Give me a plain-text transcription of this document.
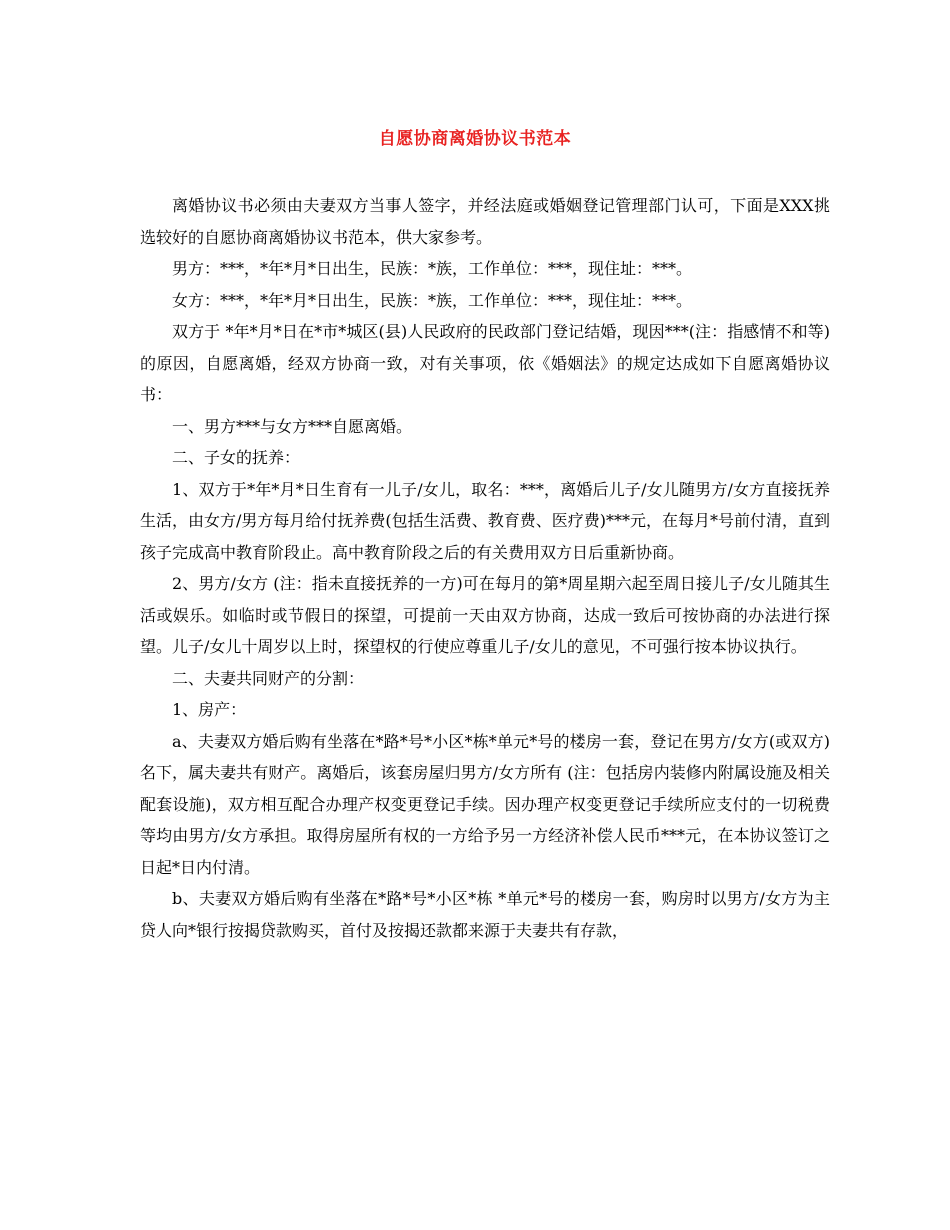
自愿协商离婚协议书范本

离婚协议书必须由夫妻双方当事人签字，并经法庭或婚姻登记管理部门认可，下面是XXX挑选较好的自愿协商离婚协议书范本，供大家参考。

男方：***，*年*月*日出生，民族：*族，工作单位：***，现住址：***。

女方：***，*年*月*日出生，民族：*族，工作单位：***，现住址：***。

双方于 *年*月*日在*市*城区(县)人民政府的民政部门登记结婚，现因***(注：指感情不和等)的原因，自愿离婚，经双方协商一致，对有关事项，依《婚姻法》的规定达成如下自愿离婚协议书：

一、男方***与女方***自愿离婚。

二、子女的抚养：

1、双方于*年*月*日生育有一儿子/女儿，取名：***，离婚后儿子/女儿随男方/女方直接抚养生活，由女方/男方每月给付抚养费(包括生活费、教育费、医疗费)***元，在每月*号前付清，直到孩子完成高中教育阶段止。高中教育阶段之后的有关费用双方日后重新协商。

2、男方/女方 (注：指未直接抚养的一方)可在每月的第*周星期六起至周日接儿子/女儿随其生活或娱乐。如临时或节假日的探望，可提前一天由双方协商，达成一致后可按协商的办法进行探望。儿子/女儿十周岁以上时，探望权的行使应尊重儿子/女儿的意见，不可强行按本协议执行。

二、夫妻共同财产的分割：

1、房产：

a、夫妻双方婚后购有坐落在*路*号*小区*栋*单元*号的楼房一套，登记在男方/女方(或双方)名下，属夫妻共有财产。离婚后，该套房屋归男方/女方所有 (注：包括房内装修内附属设施及相关配套设施)，双方相互配合办理产权变更登记手续。因办理产权变更登记手续所应支付的一切税费等均由男方/女方承担。取得房屋所有权的一方给予另一方经济补偿人民币***元，在本协议签订之日起*日内付清。

b、夫妻双方婚后购有坐落在*路*号*小区*栋 *单元*号的楼房一套，购房时以男方/女方为主贷人向*银行按揭贷款购买，首付及按揭还款都来源于夫妻共有存款，
